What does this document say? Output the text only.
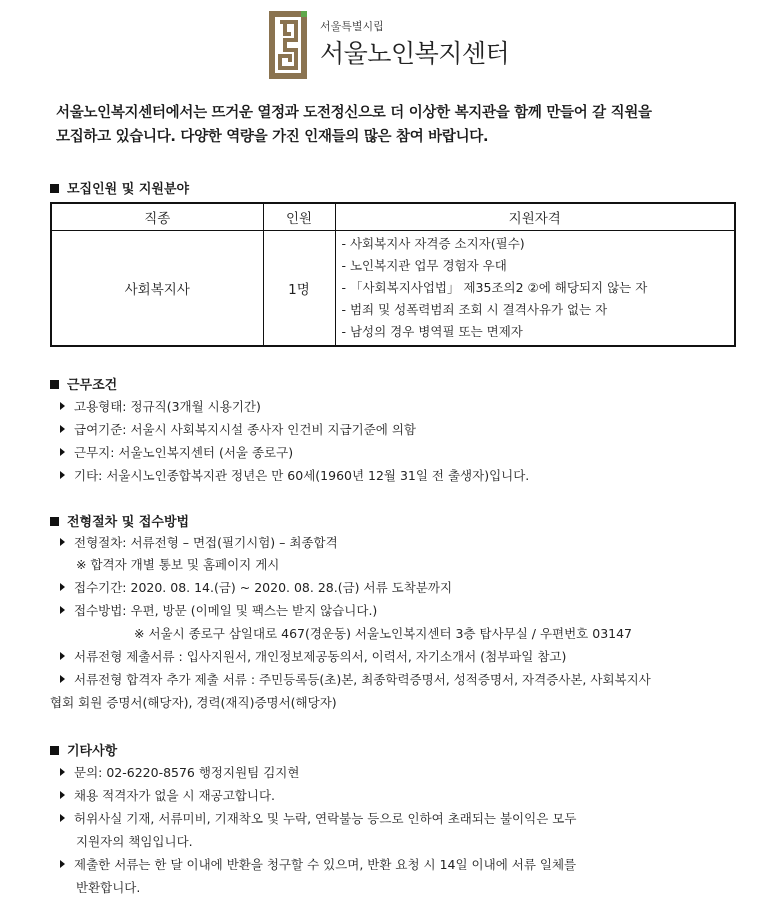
서울특별시립
서울노인복지센터
서울노인복지센터에서는 뜨거운 열정과 도전정신으로 더 이상한 복지관을 함께 만들어 갈 직원을
모집하고 있습니다. 다양한 역량을 가진 인재들의 많은 참여 바랍니다.
모집인원 및 지원분야
직종	인원	지원자격
사회복지사	1명	- 사회복지사 자격증 소지자(필수)
- 노인복지관 업무 경험자 우대
- 「사회복지사업법」 제35조의2 ②에 해당되지 않는 자
- 범죄 및 성폭력범죄 조회 시 결격사유가 없는 자
- 남성의 경우 병역필 또는 면제자
근무조건
고용형태: 정규직(3개월 시용기간)
급여기준: 서울시 사회복지시설 종사자 인건비 지급기준에 의함
근무지: 서울노인복지센터 (서울 종로구)
기타: 서울시노인종합복지관 정년은 만 60세(1960년 12월 31일 전 출생자)입니다.
전형절차 및 접수방법
전형절차: 서류전형 – 면접(필기시험) – 최종합격
※ 합격자 개별 통보 및 홈페이지 게시
접수기간: 2020. 08. 14.(금) ~ 2020. 08. 28.(금) 서류 도착분까지
접수방법: 우편, 방문 (이메일 및 팩스는 받지 않습니다.)
※ 서울시 종로구 삼일대로 467(경운동) 서울노인복지센터 3층 탑사무실 / 우편번호 03147
서류전형 제출서류 : 입사지원서, 개인정보제공동의서, 이력서, 자기소개서 (첨부파일 참고)
서류전형 합격자 추가 제출 서류 : 주민등록등(초)본, 최종학력증명서, 성적증명서, 자격증사본, 사회복지사
협회 회원 증명서(해당자), 경력(재직)증명서(해당자)
기타사항
문의: 02-6220-8576 행정지원팀 김지현
채용 적격자가 없을 시 재공고합니다.
허위사실 기재, 서류미비, 기재착오 및 누락, 연락불능 등으로 인하여 초래되는 불이익은 모두
지원자의 책임입니다.
제출한 서류는 한 달 이내에 반환을 청구할 수 있으며, 반환 요청 시 14일 이내에 서류 일체를
반환합니다.
